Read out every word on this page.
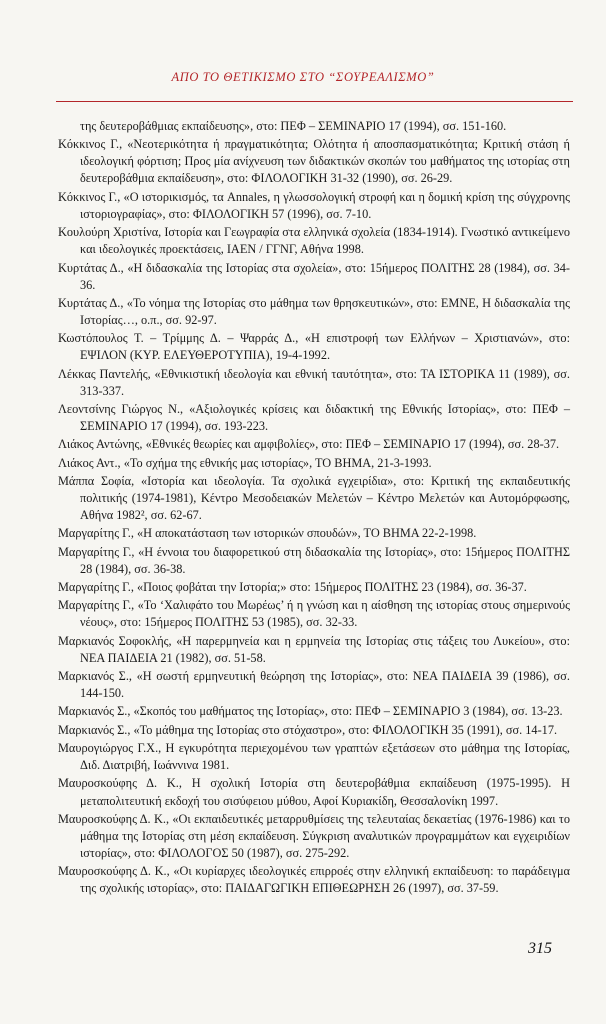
ΑΠΟ ΤΟ ΘΕΤΙΚΙΣΜΟ ΣΤΟ “ΣΟΥΡΕΑΛΙΣΜΟ”

της δευτεροβάθμιας εκπαίδευσης», στο: ΠΕΦ – ΣΕΜΙΝΑΡΙΟ 17 (1994), σσ. 151-160.

Κόκκινος Γ., «Νεοτερικότητα ή πραγματικότητα; Ολότητα ή αποσπασματικότητα; Κριτική στάση ή ιδεολογική φόρτιση; Προς μία ανίχνευση των διδακτικών σκοπών του μαθήματος της ιστορίας στη δευτεροβάθμια εκπαίδευση», στο: ΦΙΛΟΛΟΓΙΚΗ 31-32 (1990), σσ. 26-29.

Κόκκινος Γ., «Ο ιστορικισμός, τα Annales, η γλωσσολογική στροφή και η δομική κρίση της σύγχρονης ιστοριογραφίας», στο: ΦΙΛΟΛΟΓΙΚΗ 57 (1996), σσ. 7-10.

Κουλούρη Χριστίνα, Ιστορία και Γεωγραφία στα ελληνικά σχολεία (1834-1914). Γνωστικό αντικείμενο και ιδεολογικές προεκτάσεις, ΙΑΕΝ / ΓΓΝΓ, Αθήνα 1998.

Κυρτάτας Δ., «Η διδασκαλία της Ιστορίας στα σχολεία», στο: 15ήμερος ΠΟΛΙΤΗΣ 28 (1984), σσ. 34-36.

Κυρτάτας Δ., «Το νόημα της Ιστορίας στο μάθημα των θρησκευτικών», στο: ΕΜΝΕ, Η διδασκαλία της Ιστορίας…, ο.π., σσ. 92-97.

Κωστόπουλος Τ. – Τρίμμης Δ. – Ψαρράς Δ., «Η επιστροφή των Ελλήνων – Χριστιανών», στο: ΕΨΙΛΟΝ (ΚΥΡ. ΕΛΕΥΘΕΡΟΤΥΠΙΑ), 19-4-1992.

Λέκκας Παντελής, «Εθνικιστική ιδεολογία και εθνική ταυτότητα», στο: ΤΑ ΙΣΤΟΡΙΚΑ 11 (1989), σσ. 313-337.

Λεοντσίνης Γιώργος Ν., «Αξιολογικές κρίσεις και διδακτική της Εθνικής Ιστορίας», στο: ΠΕΦ – ΣΕΜΙΝΑΡΙΟ 17 (1994), σσ. 193-223.

Λιάκος Αντώνης, «Εθνικές θεωρίες και αμφιβολίες», στο: ΠΕΦ – ΣΕΜΙΝΑΡΙΟ 17 (1994), σσ. 28-37.

Λιάκος Αντ., «Το σχήμα της εθνικής μας ιστορίας», ΤΟ ΒΗΜΑ, 21-3-1993.

Μάππα Σοφία, «Ιστορία και ιδεολογία. Τα σχολικά εγχειρίδια», στο: Κριτική της εκπαιδευτικής πολιτικής (1974-1981), Κέντρο Μεσοδειακών Μελετών – Κέντρο Μελετών και Αυτομόρφωσης, Αθήνα 1982², σσ. 62-67.

Μαργαρίτης Γ., «Η αποκατάσταση των ιστορικών σπουδών», ΤΟ ΒΗΜΑ 22-2-1998.

Μαργαρίτης Γ., «Η έννοια του διαφορετικού στη διδασκαλία της Ιστορίας», στο: 15ήμερος ΠΟΛΙΤΗΣ 28 (1984), σσ. 36-38.

Μαργαρίτης Γ., «Ποιος φοβάται την Ιστορία;» στο: 15ήμερος ΠΟΛΙΤΗΣ 23 (1984), σσ. 36-37.

Μαργαρίτης Γ., «Το ‘Χαλιφάτο του Μωρέως’ ή η γνώση και η αίσθηση της ιστορίας στους σημερινούς νέους», στο: 15ήμερος ΠΟΛΙΤΗΣ 53 (1985), σσ. 32-33.

Μαρκιανός Σοφοκλής, «Η παρερμηνεία και η ερμηνεία της Ιστορίας στις τάξεις του Λυκείου», στο: ΝΕΑ ΠΑΙΔΕΙΑ 21 (1982), σσ. 51-58.

Μαρκιανός Σ., «Η σωστή ερμηνευτική θεώρηση της Ιστορίας», στο: ΝΕΑ ΠΑΙΔΕΙΑ 39 (1986), σσ. 144-150.

Μαρκιανός Σ., «Σκοπός του μαθήματος της Ιστορίας», στο: ΠΕΦ – ΣΕΜΙΝΑΡΙΟ 3 (1984), σσ. 13-23.

Μαρκιανός Σ., «Το μάθημα της Ιστορίας στο στόχαστρο», στο: ΦΙΛΟΛΟΓΙΚΗ 35 (1991), σσ. 14-17.

Μαυρογιώργος Γ.Χ., Η εγκυρότητα περιεχομένου των γραπτών εξετάσεων στο μάθημα της Ιστορίας, Διδ. Διατριβή, Ιωάννινα 1981.

Μαυροσκούφης Δ. Κ., Η σχολική Ιστορία στη δευτεροβάθμια εκπαίδευση (1975-1995). Η μεταπολιτευτική εκδοχή του σισύφειου μύθου, Αφοί Κυριακίδη, Θεσσαλονίκη 1997.

Μαυροσκούφης Δ. Κ., «Οι εκπαιδευτικές μεταρρυθμίσεις της τελευταίας δεκαετίας (1976-1986) και το μάθημα της Ιστορίας στη μέση εκπαίδευση. Σύγκριση αναλυτικών προγραμμάτων και εγχειριδίων ιστορίας», στο: ΦΙΛΟΛΟΓΟΣ 50 (1987), σσ. 275-292.

Μαυροσκούφης Δ. Κ., «Οι κυρίαρχες ιδεολογικές επιρροές στην ελληνική εκπαίδευση: το παράδειγμα της σχολικής ιστορίας», στο: ΠΑΙΔΑΓΩΓΙΚΗ ΕΠΙΘΕΩΡΗΣΗ 26 (1997), σσ. 37-59.

315
